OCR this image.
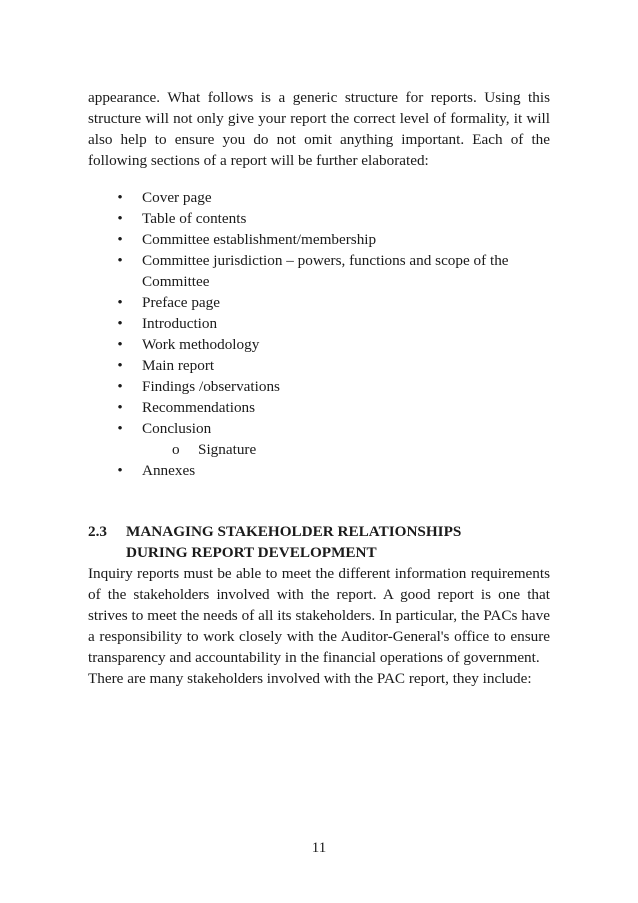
appearance. What follows is a generic structure for reports. Using this structure will not only give your report the correct level of formality, it will also help to ensure you do not omit anything important. Each of the following sections of a report will be further elaborated:

• Cover page
• Table of contents
• Committee establishment/membership
• Committee jurisdiction – powers, functions and scope of the Committee
• Preface page
• Introduction
• Work methodology
• Main report
• Findings /observations
• Recommendations
• Conclusion
o Signature
• Annexes
2.3 MANAGING STAKEHOLDER RELATIONSHIPS
DURING REPORT DEVELOPMENT

Inquiry reports must be able to meet the different information requirements of the stakeholders involved with the report. A good report is one that strives to meet the needs of all its stakeholders. In particular, the PACs have a responsibility to work closely with the Auditor-General's office to ensure transparency and accountability in the financial operations of government.

There are many stakeholders involved with the PAC report, they include:

11
